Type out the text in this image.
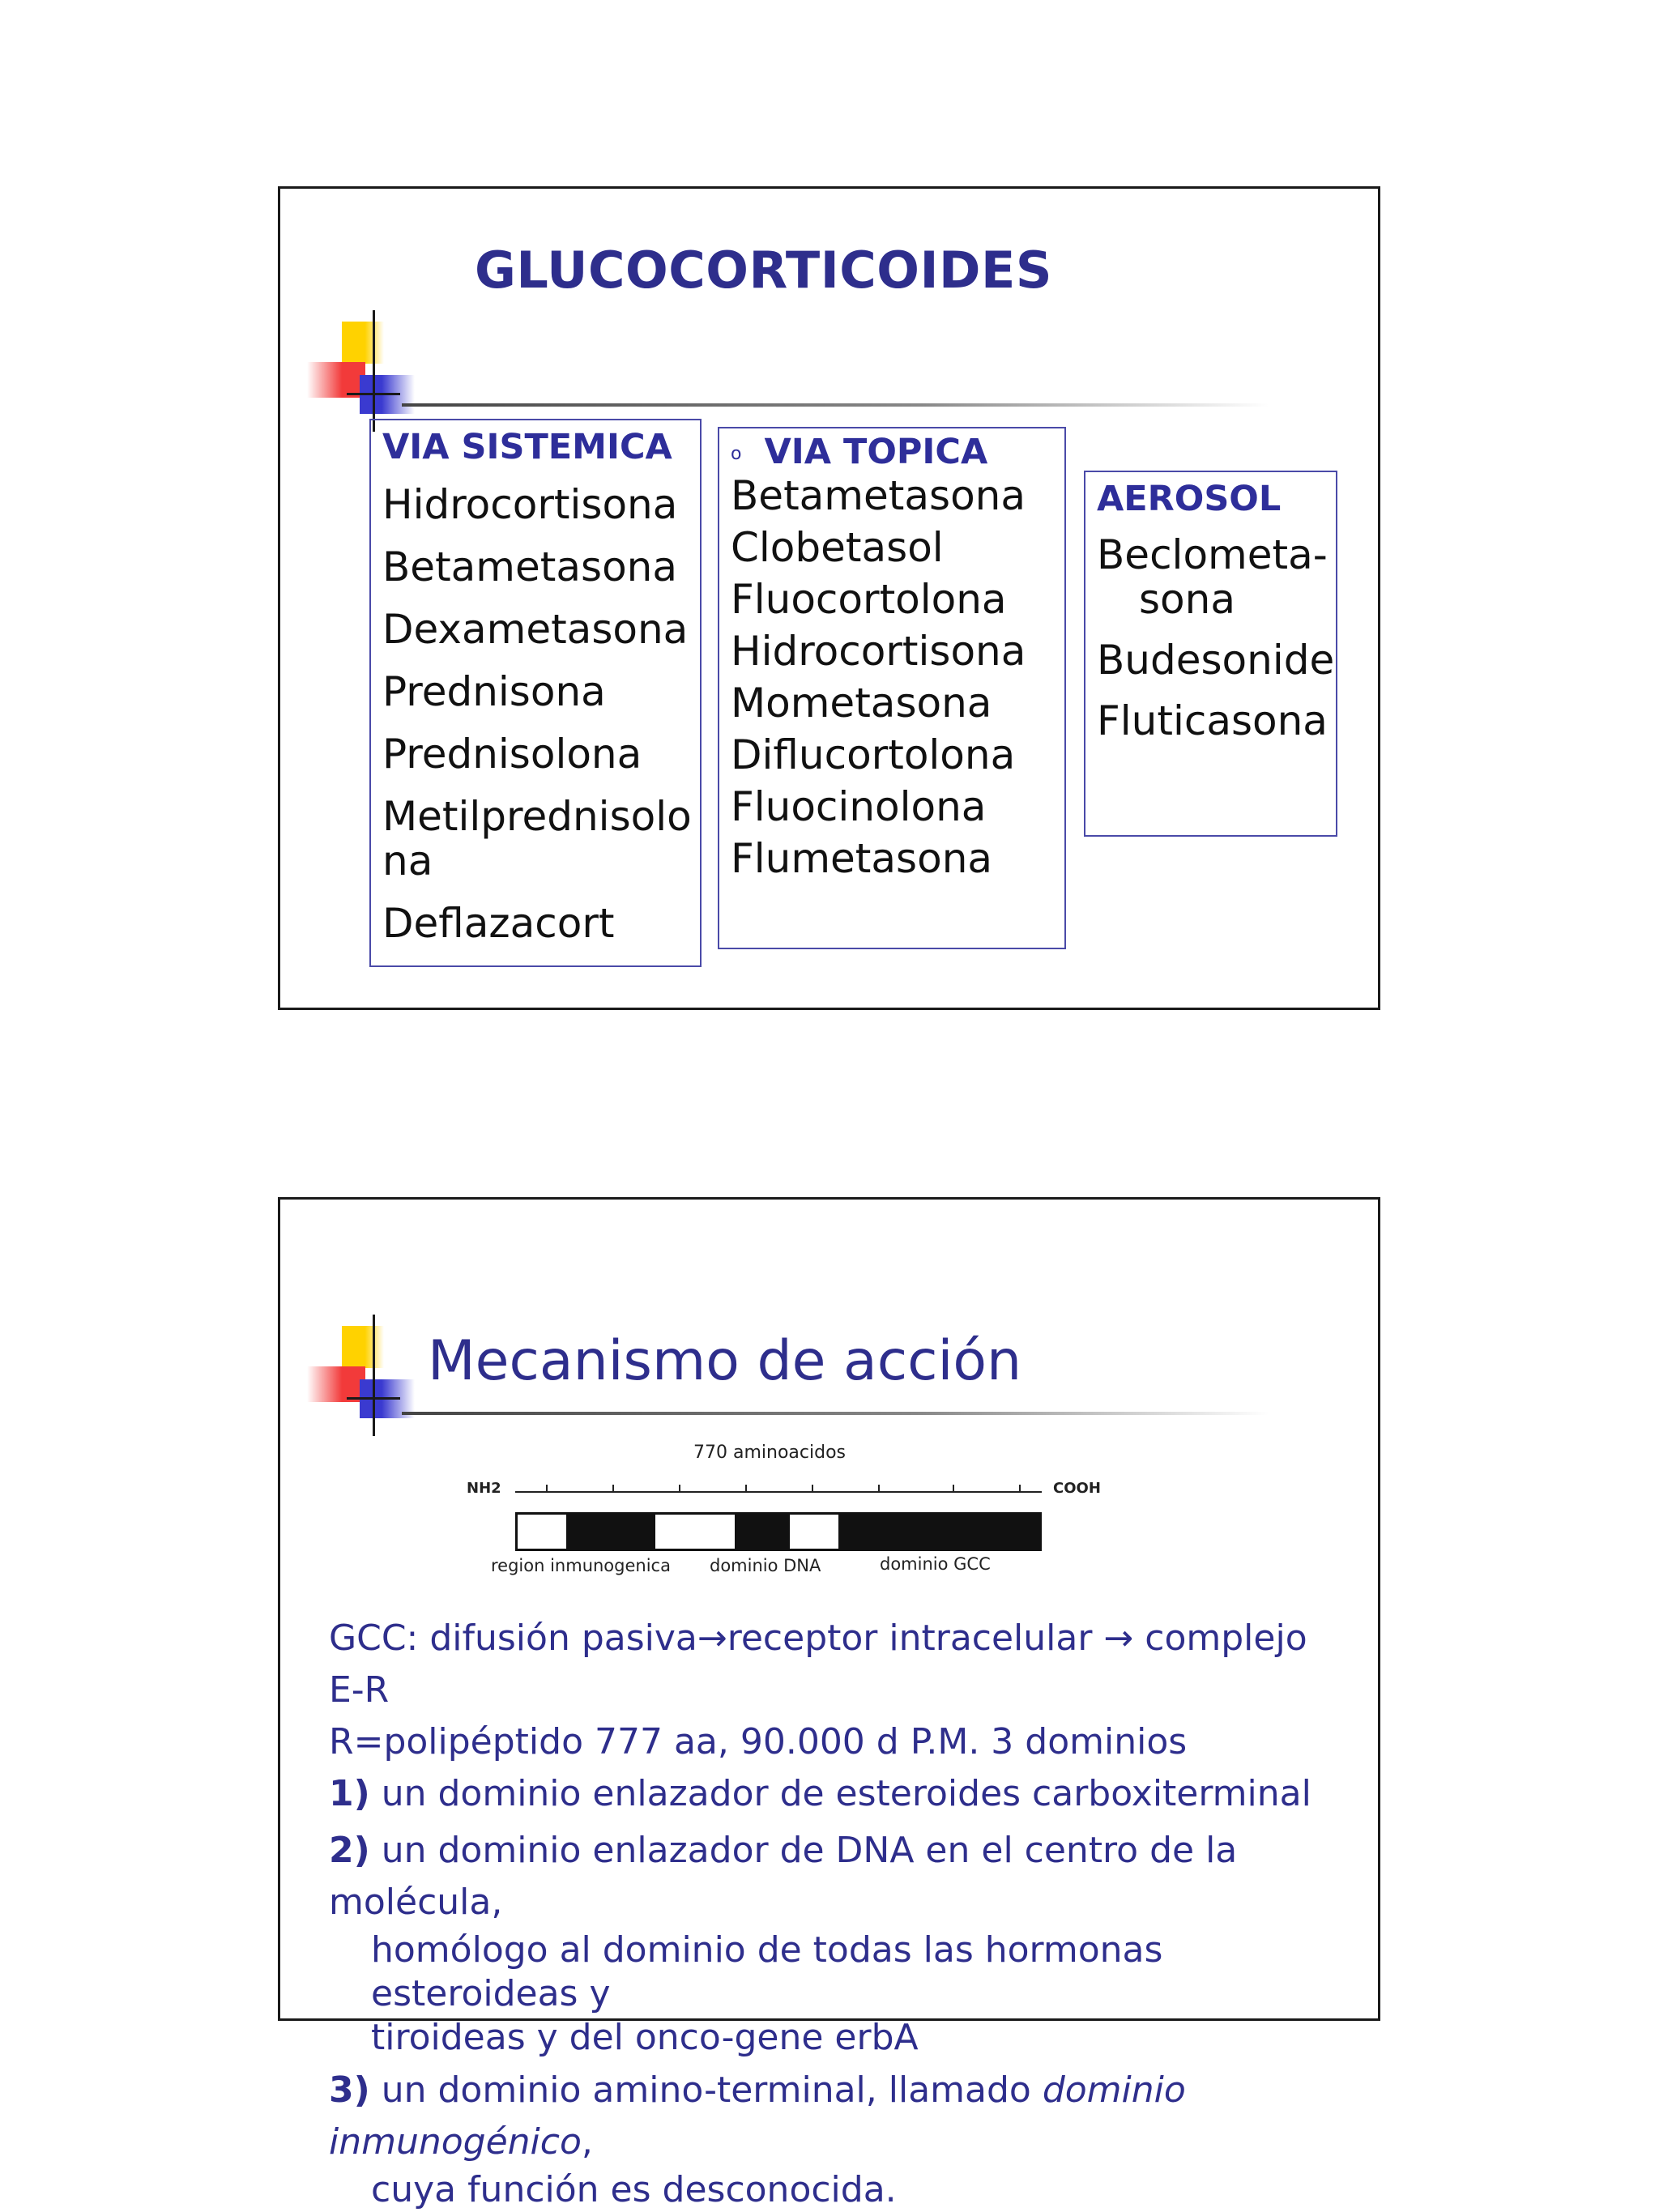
GLUCOCORTICOIDES
VIA SISTEMICA
Hidrocortisona
Betametasona
Dexametasona
Prednisona
Prednisolona
Metilprednisolo
na
Deflazacort
o VIA TOPICA
Betametasona
Clobetasol
Fluocortolona
Hidrocortisona
Mometasona
Diflucortolona
Fluocinolona
Flumetasona
AEROSOL
Beclometa-
sona
Budesonide
Fluticasona
Mecanismo de acción
770 aminoacidos
NH2	COOH
region inmunogenica dominio DNA	dominio GCC
GCC: difusión pasiva→receptor intracelular → complejo E-R
R=polipéptido 777 aa, 90.000 d P.M. 3 dominios
1) un dominio enlazador de esteroides carboxiterminal
2) un dominio enlazador de DNA en el centro de la molécula,
homólogo al dominio de todas las hormonas esteroideas y
tiroideas y del onco-gene erbA
3) un dominio amino-terminal, llamado dominio inmunogénico,
cuya función es desconocida.
